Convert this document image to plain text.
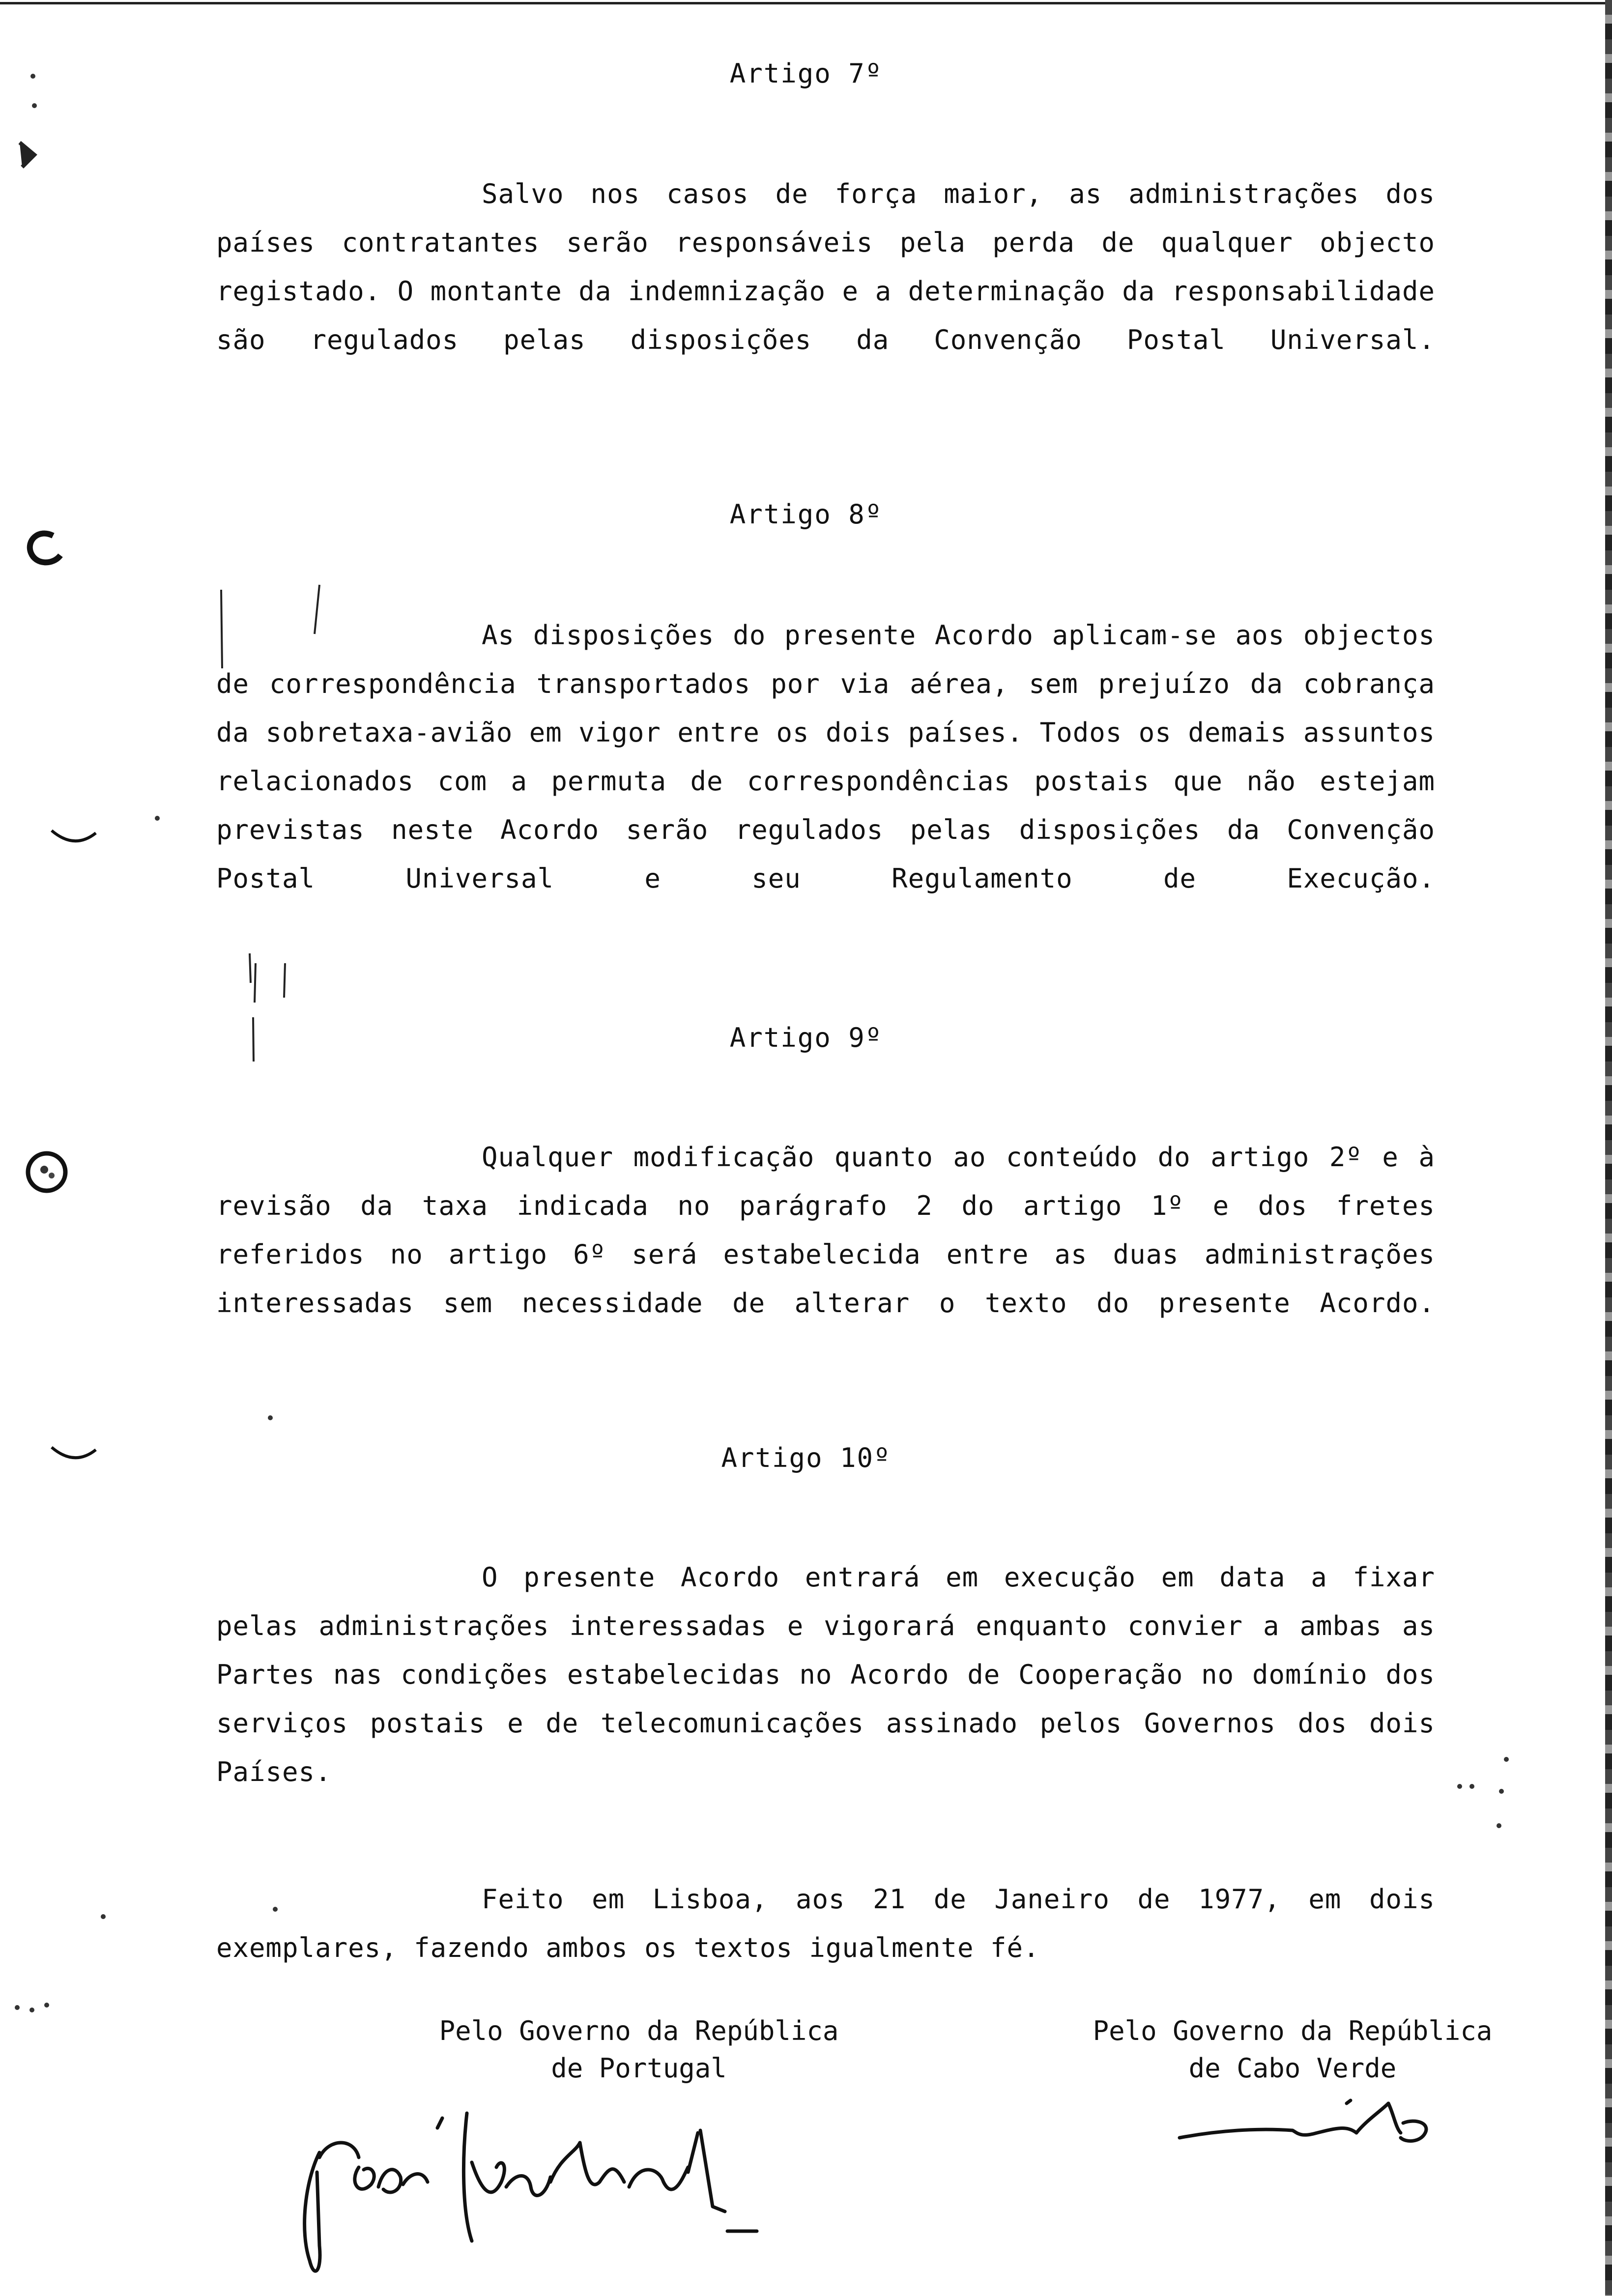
Artigo 7º

Salvo nos casos de força maior, as administrações dos países contratantes serão responsáveis pela perda de qualquer objecto registado. O montante da indemnização e a determinação da responsabilidade são regulados pelas disposições da Convenção Postal Universal.

Artigo 8º

As disposições do presente Acordo aplicam-se aos objectos de correspondência transportados por via aérea, sem prejuízo da cobrança da sobretaxa-avião em vigor entre os dois países. Todos os demais assuntos relacionados com a permuta de correspondências postais que não estejam previstas neste Acordo serão regulados pelas disposições da Convenção Postal Universal e seu Regulamento de Execução.

Artigo 9º

Qualquer modificação quanto ao conteúdo do artigo 2º e à revisão da taxa indicada no parágrafo 2 do artigo 1º e dos fretes referidos no artigo 6º será estabelecida entre as duas administrações interessadas sem necessidade de alterar o texto do presente Acordo.

Artigo 10º

O presente Acordo entrará em execução em data a fixar pelas administrações interessadas e vigorará enquanto convier a ambas as Partes nas condições estabelecidas no Acordo de Cooperação no domínio dos serviços postais e de telecomunicações assinado pelos Governos dos dois Países.

Feito em Lisboa, aos 21 de Janeiro de 1977, em dois exemplares, fazendo ambos os textos igualmente fé.

Pelo Governo da República
de Portugal
Pelo Governo da República
de Cabo Verde
